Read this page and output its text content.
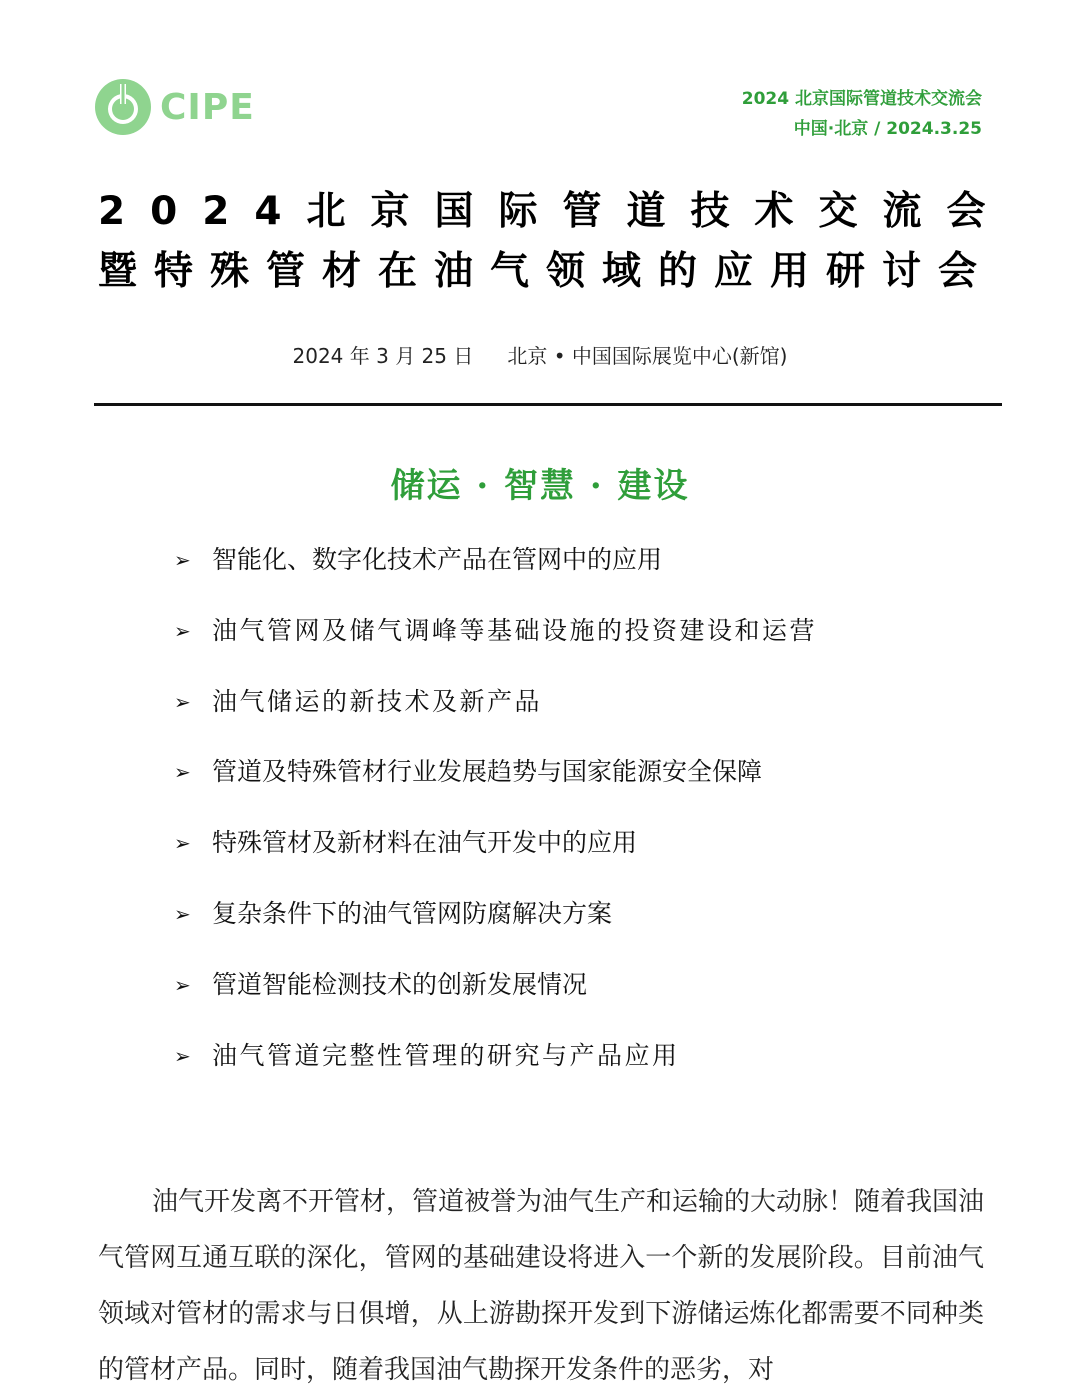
CIPE	2024 北京国际管道技术交流会
中国·北京 / 2024.3.25
2024北京国际管道技术交流会
暨特殊管材在油气领域的应用研讨会
2024 年 3 月 25 日 北京 • 中国国际展览中心(新馆)
储运 · 智慧 · 建设
➢ 智能化、数字化技术产品在管网中的应用
➢ 油气管网及储气调峰等基础设施的投资建设和运营
➢ 油气储运的新技术及新产品
➢ 管道及特殊管材行业发展趋势与国家能源安全保障
➢ 特殊管材及新材料在油气开发中的应用
➢ 复杂条件下的油气管网防腐解决方案
➢ 管道智能检测技术的创新发展情况
➢ 油气管道完整性管理的研究与产品应用

油气开发离不开管材，管道被誉为油气生产和运输的大动脉！随着我国油气管网互通互联的深化，管网的基础建设将进入一个新的发展阶段。目前油气领域对管材的需求与日俱增，从上游勘探开发到下游储运炼化都需要不同种类的管材产品。同时，随着我国油气勘探开发条件的恶劣，对
